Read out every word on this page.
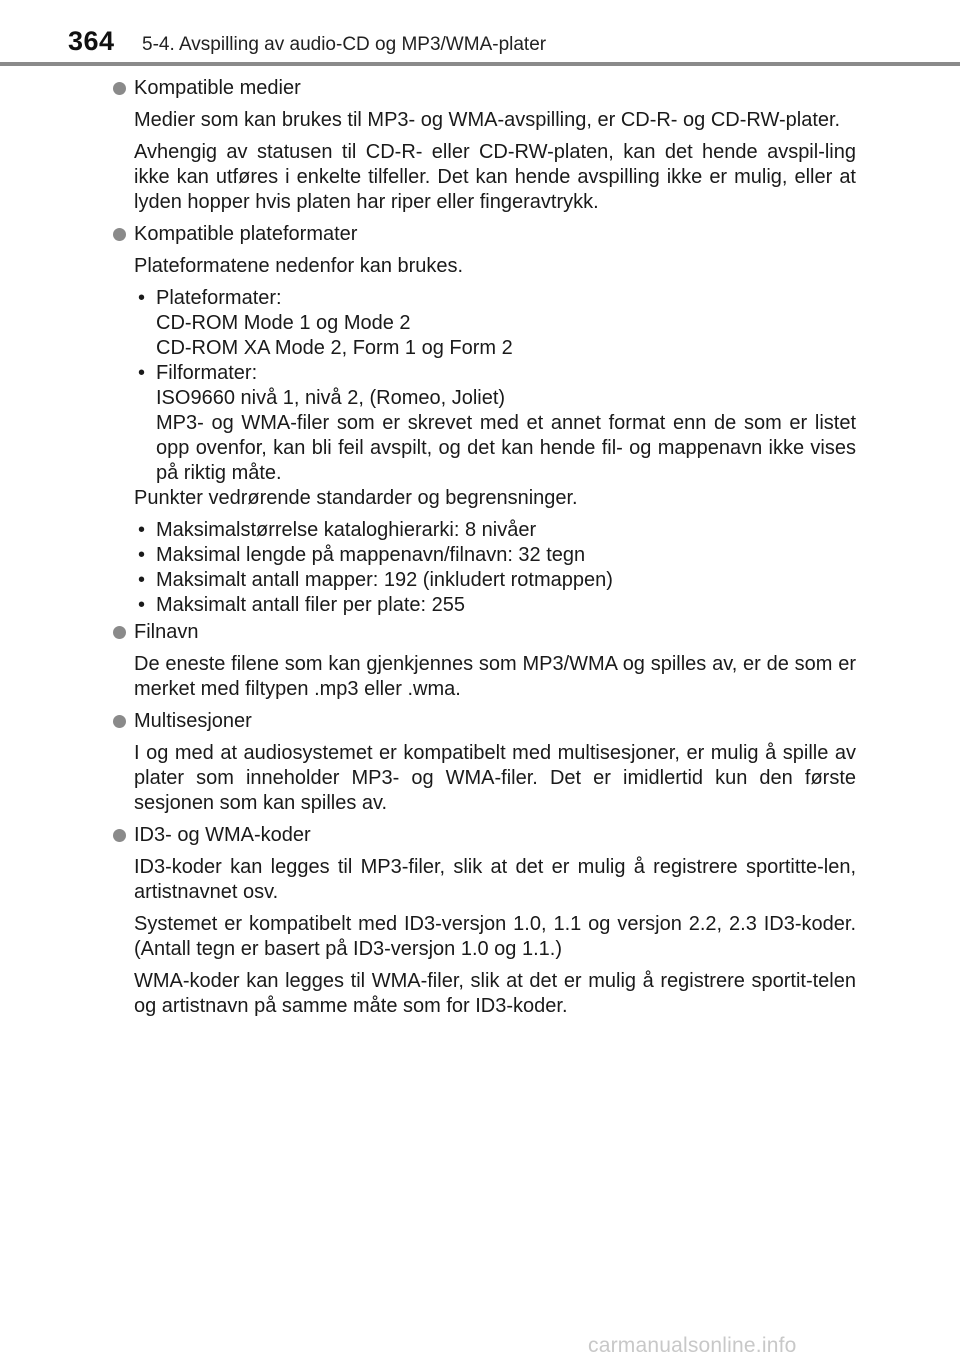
364 5-4. Avspilling av audio-CD og MP3/WMA-plater
Kompatible medier

Medier som kan brukes til MP3- og WMA-avspilling, er CD-R- og CD-RW-plater.

Avhengig av statusen til CD-R- eller CD-RW-platen, kan det hende avspil-ling ikke kan utføres i enkelte tilfeller. Det kan hende avspilling ikke er mulig, eller at lyden hopper hvis platen har riper eller fingeravtrykk.

Kompatible plateformater

Plateformatene nedenfor kan brukes.

• Plateformater:
CD-ROM Mode 1 og Mode 2
CD-ROM XA Mode 2, Form 1 og Form 2
• Filformater:
ISO9660 nivå 1, nivå 2, (Romeo, Joliet)
MP3- og WMA-filer som er skrevet med et annet format enn de som er listet opp ovenfor, kan bli feil avspilt, og det kan hende fil- og mappenavn ikke vises på riktig måte.

Punkter vedrørende standarder og begrensninger.

• Maksimalstørrelse kataloghierarki: 8 nivåer
• Maksimal lengde på mappenavn/filnavn: 32 tegn
• Maksimalt antall mapper: 192 (inkludert rotmappen)
• Maksimalt antall filer per plate: 255
Filnavn

De eneste filene som kan gjenkjennes som MP3/WMA og spilles av, er de som er merket med filtypen .mp3 eller .wma.

Multisesjoner

I og med at audiosystemet er kompatibelt med multisesjoner, er mulig å spille av plater som inneholder MP3- og WMA-filer. Det er imidlertid kun den første sesjonen som kan spilles av.

ID3- og WMA-koder

ID3-koder kan legges til MP3-filer, slik at det er mulig å registrere sportitte-len, artistnavnet osv.

Systemet er kompatibelt med ID3-versjon 1.0, 1.1 og versjon 2.2, 2.3 ID3-koder. (Antall tegn er basert på ID3-versjon 1.0 og 1.1.)

WMA-koder kan legges til WMA-filer, slik at det er mulig å registrere sportit-telen og artistnavn på samme måte som for ID3-koder.

carmanualsonline.info
